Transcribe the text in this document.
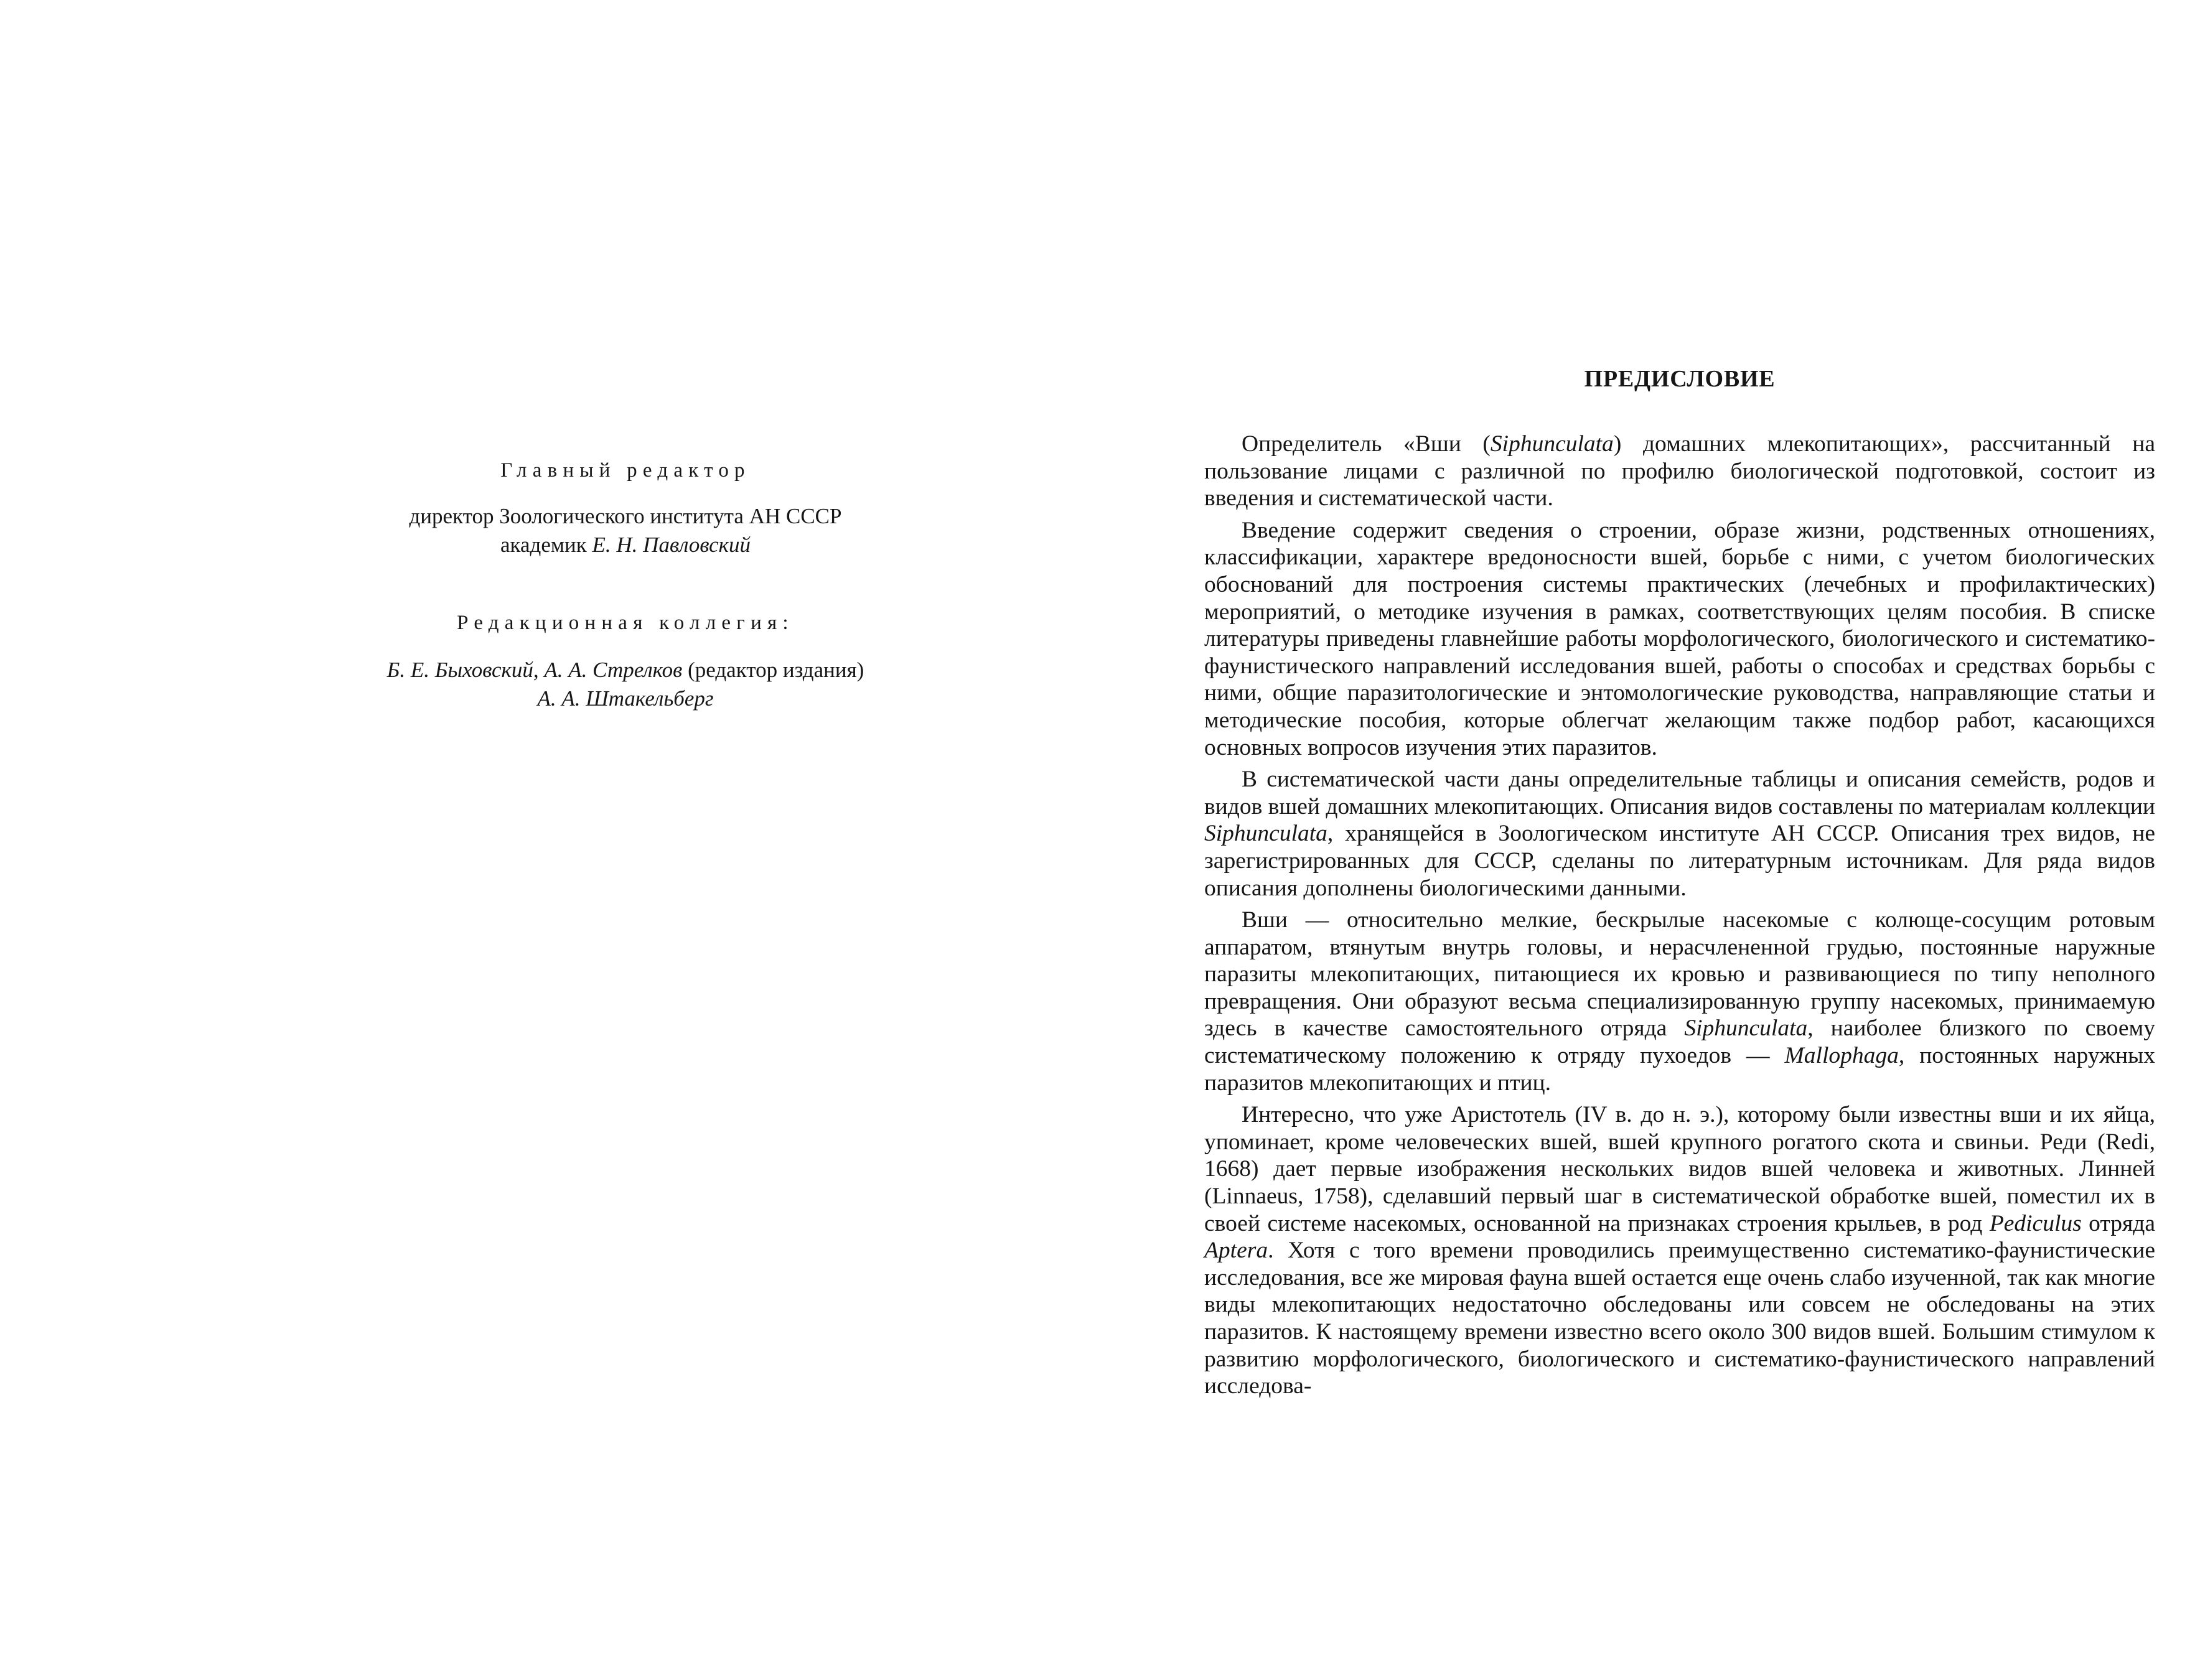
Главный редактор

директор Зоологического института АН СССР

академик Е. Н. Павловский

Редакционная коллегия:

Б. Е. Быховский, А. А. Стрелков (редактор издания)

А. А. Штакельберг

ПРЕДИСЛОВИЕ

Определитель «Вши (Siphunculata) домашних млекопитающих», рассчитанный на пользование лицами с различной по профилю биологической подготовкой, состоит из введения и систематической части.

Введение содержит сведения о строении, образе жизни, родственных отношениях, классификации, характере вредоносности вшей, борьбе с ними, с учетом биологических обоснований для построения системы практических (лечебных и профилактических) мероприятий, о методике изучения в рамках, соответствующих целям пособия. В списке литературы приведены главнейшие работы морфологического, биологического и систематико-фаунистического направлений исследования вшей, работы о способах и средствах борьбы с ними, общие паразитологические и энтомологические руководства, направляющие статьи и методические пособия, которые облегчат желающим также подбор работ, касающихся основных вопросов изучения этих паразитов.

В систематической части даны определительные таблицы и описания семейств, родов и видов вшей домашних млекопитающих. Описания видов составлены по материалам коллекции Siphunculata, хранящейся в Зоологическом институте АН СССР. Описания трех видов, не зарегистрированных для СССР, сделаны по литературным источникам. Для ряда видов описания дополнены биологическими данными.

Вши — относительно мелкие, бескрылые насекомые с колюще-сосущим ротовым аппаратом, втянутым внутрь головы, и нерасчлененной грудью, постоянные наружные паразиты млекопитающих, питающиеся их кровью и развивающиеся по типу неполного превращения. Они образуют весьма специализированную группу насекомых, принимаемую здесь в качестве самостоятельного отряда Siphunculata, наиболее близкого по своему систематическому положению к отряду пухоедов — Mallophaga, постоянных наружных паразитов млекопитающих и птиц.

Интересно, что уже Аристотель (IV в. до н. э.), которому были известны вши и их яйца, упоминает, кроме человеческих вшей, вшей крупного рогатого скота и свиньи. Реди (Redi, 1668) дает первые изображения нескольких видов вшей человека и животных. Линней (Linnaeus, 1758), сделавший первый шаг в систематической обработке вшей, поместил их в своей системе насекомых, основанной на признаках строения крыльев, в род Pediculus отряда Aptera. Хотя с того времени проводились преимущественно систематико-фаунистические исследования, все же мировая фауна вшей остается еще очень слабо изученной, так как многие виды млекопитающих недостаточно обследованы или совсем не обследованы на этих паразитов. К настоящему времени известно всего около 300 видов вшей. Большим стимулом к развитию морфологического, биологического и систематико-фаунистического направлений исследова-
